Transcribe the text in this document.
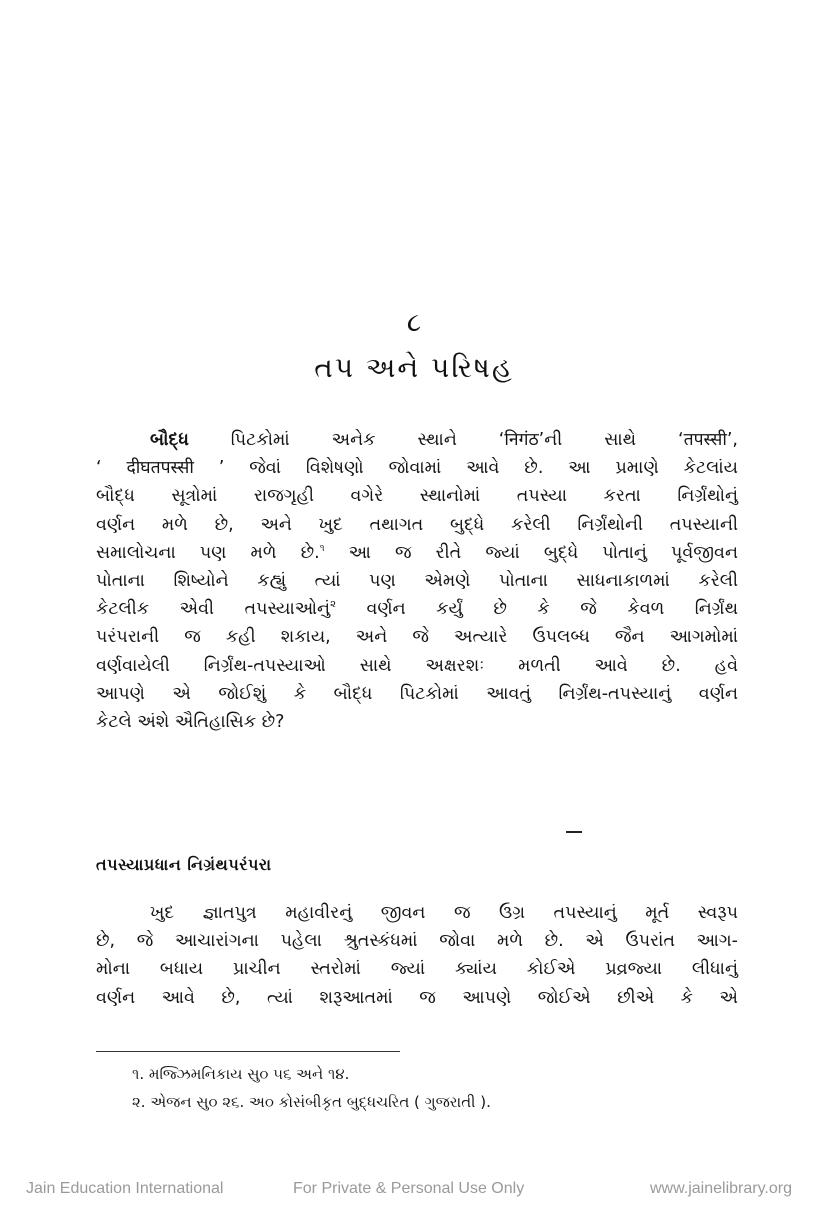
૮
તપ અને પરિષહ
બૌદ્ધ પિટકોમાં અનેક સ્થાને ‘निगंठ’ની સાથે ‘तपस्सी’,
‘ दीघतपस्सी ’ જેવાં વિશેષણો જોવામાં આવે છે. આ પ્રમાણે કેટલાંય
બૌદ્ધ સૂત્રોમાં રાજગૃહી વગેરે સ્થાનોમાં તપસ્યા કરતા નિર્ગ્રંથોનું
વર્ણન મળે છે, અને ખુદ તથાગત બુદ્ધે કરેલી નિર્ગ્રંથોની તપસ્યાની
સમાલોચના પણ મળે છે.$^૧$ આ જ રીતે જ્યાં બુદ્ધે પોતાનું પૂર્વજીવન
પોતાના શિષ્યોને કહ્યું ત્યાં પણ એમણે પોતાના સાધનાકાળમાં કરેલી
કેટલીક એવી તપસ્યાઓનું$^૨$ વર્ણન કર્યું છે કે જે કેવળ નિર્ગ્રંથ
પરંપરાની જ કહી શકાય, અને જે અત્યારે ઉપલબ્ધ જૈન આગમોમાં
વર્ણવાયેલી નિર્ગ્રંથ-તપસ્યાઓ સાથે અક્ષરશઃ મળતી આવે છે. હવે
આપણે એ જોઈશું કે બૌદ્ધ પિટકોમાં આવતું નિર્ગ્રંથ-તપસ્યાનું વર્ણન
કેટલે અંશે ઐતિહાસિક છે?
તપસ્યાપ્રધાન નિગ્રંથપરંપરા
ખુદ જ્ઞાતપુત્ર મહાવીરનું જીવન જ ઉગ્ર તપસ્યાનું મૂર્ત સ્વરૂપ
છે, જે આચારાંગના પહેલા શ્રુતસ્કંધમાં જોવા મળે છે. એ ઉપરાંત આગ-
મોના બધાય પ્રાચીન સ્તરોમાં જ્યાં ક્યાંય કોઈએ પ્રવ્રજ્યા લીધાનું
વર્ણન આવે છે, ત્યાં શરૂઆતમાં જ આપણે જોઈએ છીએ કે એ
૧. મજ્ઝિમનિકાય સુ૦ ૫૬ અને ૧૪.
૨. એજન સુ૦ ૨૬. અ૦ કોસંબીકૃત બુદ્ધચરિત ( ગુજરાતી ).
Jain Education International	For Private & Personal Use Only	www.jainelibrary.org
